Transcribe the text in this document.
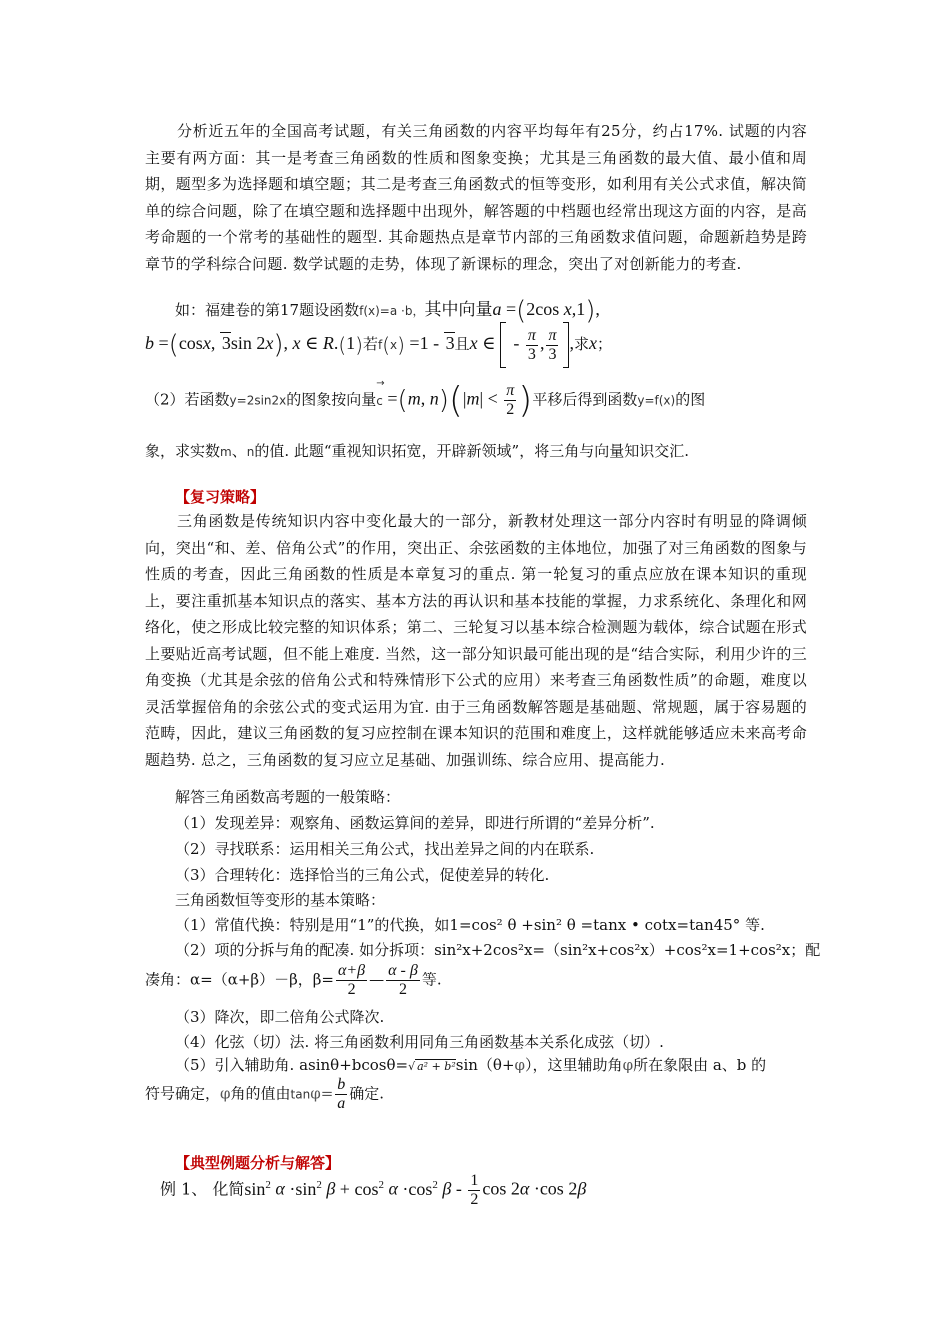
分析近五年的全国高考试题，有关三角函数的内容平均每年有25分，约占17%. 试题的内容主要有两方面：其一是考查三角函数的性质和图象变换；尤其是三角函数的最大值、最小值和周期，题型多为选择题和填空题；其二是考查三角函数式的恒等变形，如利用有关公式求值，解决简单的综合问题，除了在填空题和选择题中出现外，解答题的中档题也经常出现这方面的内容，是高考命题的一个常考的基础性的题型. 其命题热点是章节内部的三角函数求值问题，命题新趋势是跨章节的学科综合问题. 数学试题的走势，体现了新课标的理念，突出了对创新能力的考查.

如：福建卷的第17题设函数f(x)=a ·b，其中向量a =(2cos x,1),
b =(cosx, 3sin 2x), x ∈ R.(1)若f(x) =1 - 3且x ∈  - $\frac{\pi}{3}$ , $\frac{\pi}{3}$ ,求x；
（2）若函数y=2sin2x的图象按向量→ c =(m, $n)(|m| < \frac{\pi}{2}$ )平移后得到函数y=f(x)的图
象，求实数m、n的值. 此题“重视知识拓宽，开辟新领域”，将三角与向量知识交汇.

【复习策略】

三角函数是传统知识内容中变化最大的一部分，新教材处理这一部分内容时有明显的降调倾向，突出“和、差、倍角公式”的作用，突出正、余弦函数的主体地位，加强了对三角函数的图象与性质的考查，因此三角函数的性质是本章复习的重点. 第一轮复习的重点应放在课本知识的重现上，要注重抓基本知识点的落实、基本方法的再认识和基本技能的掌握，力求系统化、条理化和网络化，使之形成比较完整的知识体系；第二、三轮复习以基本综合检测题为载体，综合试题在形式上要贴近高考试题，但不能上难度. 当然，这一部分知识最可能出现的是“结合实际，利用少许的三角变换（尤其是余弦的倍角公式和特殊情形下公式的应用）来考查三角函数性质”的命题，难度以灵活掌握倍角的余弦公式的变式运用为宜. 由于三角函数解答题是基础题、常规题，属于容易题的范畴，因此，建议三角函数的复习应控制在课本知识的范围和难度上，这样就能够适应未来高考命题趋势. 总之，三角函数的复习应立足基础、加强训练、综合应用、提高能力.

解答三角函数高考题的一般策略：
（1）发现差异：观察角、函数运算间的差异，即进行所谓的“差异分析”.
（2）寻找联系：运用相关三角公式，找出差异之间的内在联系.
（3）合理转化：选择恰当的三角公式，促使差异的转化.
三角函数恒等变形的基本策略：
（1）常值代换：特别是用“1”的代换，如1=cos² θ +sin² θ =tanx • cotx=tan45° 等.
（2）项的分拆与角的配凑. 如分拆项：sin²x+2cos²x=（sin²x+cos²x）+cos²x=1+cos²x；配
凑角：α=（α+β）－β，$\beta= \frac{\alpha+\beta}{2}$ — $\frac{\alpha - \beta}{2}$ 等.
（3）降次，即二倍角公式降次.
（4）化弦（切）法. 将三角函数利用同角三角函数基本关系化成弦（切）.
（5）引入辅助角. asinθ+bcosθ=√ a² + b²sin（θ+φ），这里辅助角φ所在象限由 a、b 的
符号确定，φ角的值由$\tan\varphi= \frac{b}{a}$ 确定.

【典型例题分析与解答】

例 1、 化简$\sin^2 \alpha \cdot\sin^2$ $\beta + \cos^2 \alpha \cdot\cos^2$ β - $\frac{1}{2}$ cos 2α ·cos 2β
